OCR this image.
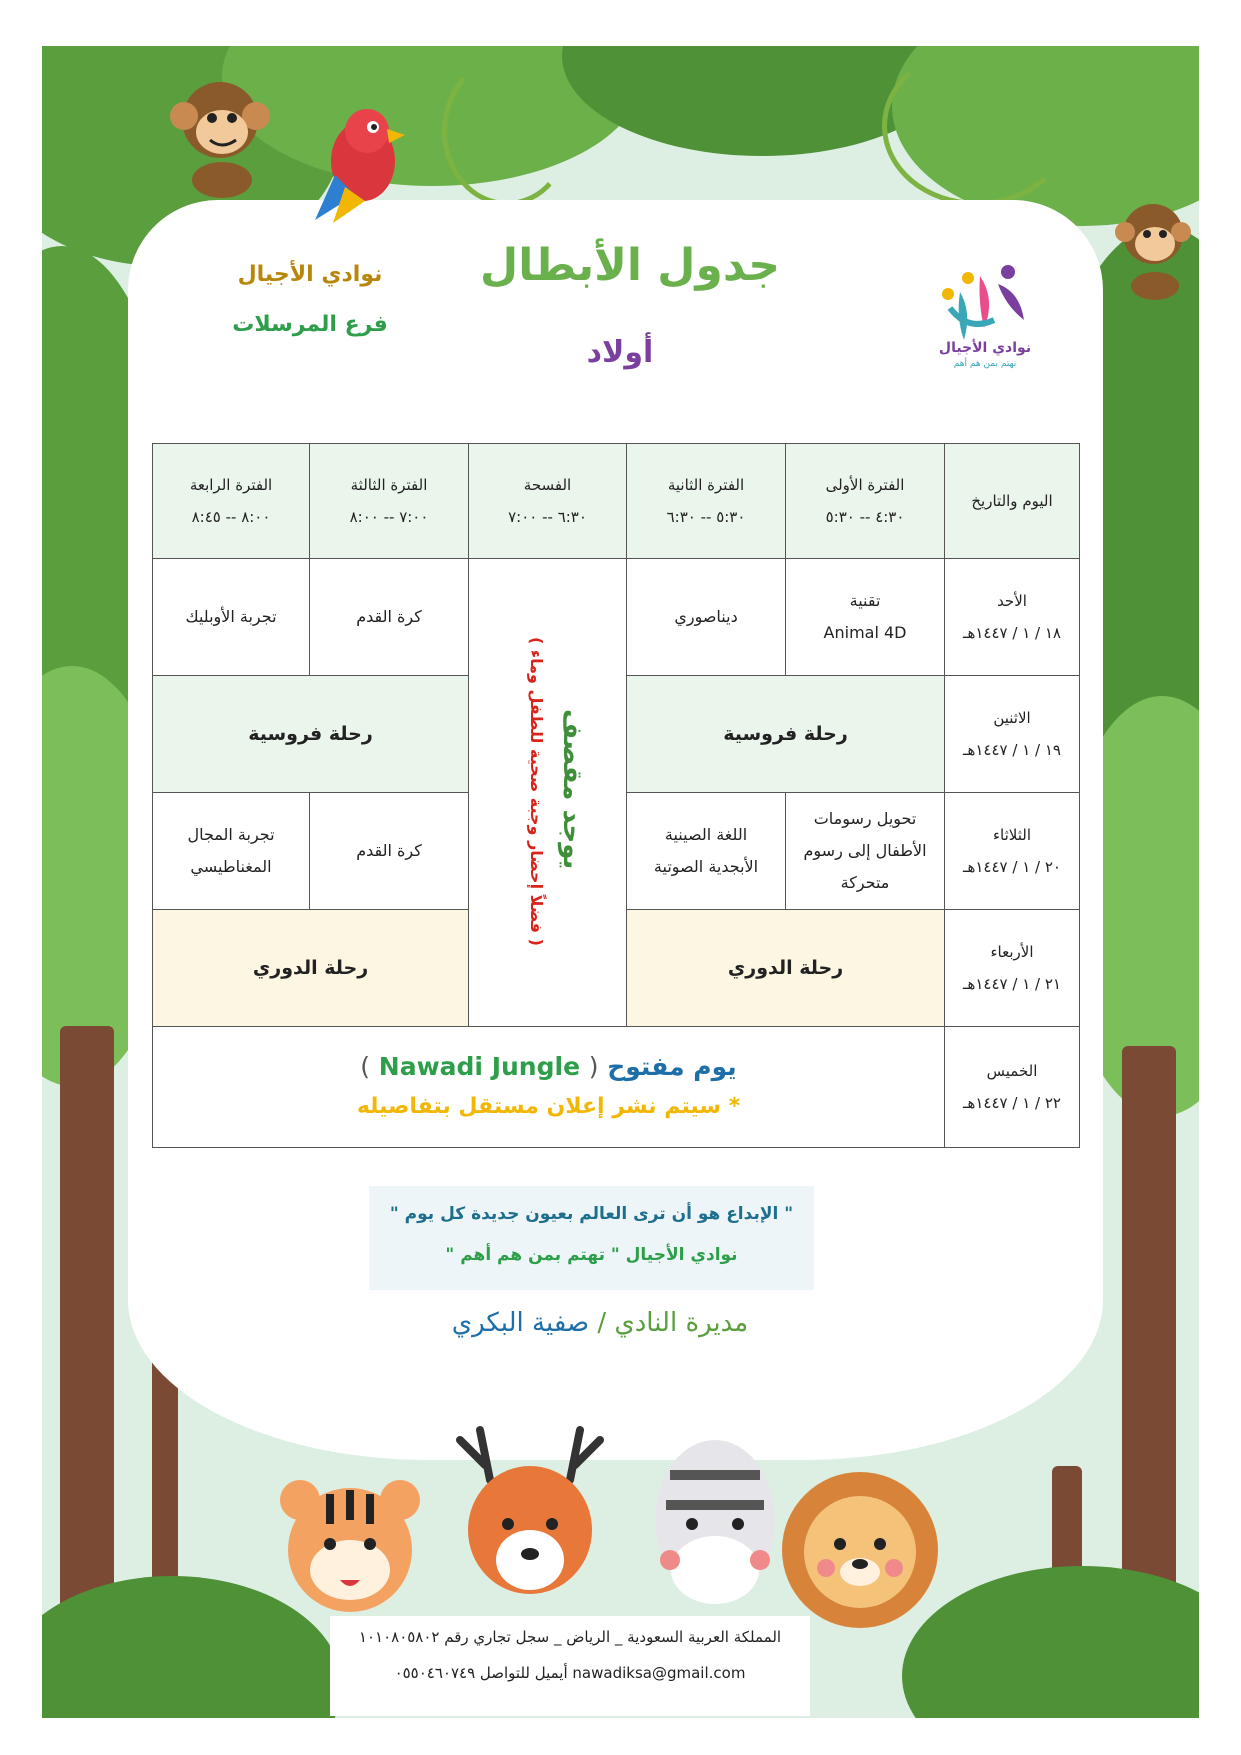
جدول الأبطال
أولاد
نوادي الأجيال
فرع المرسلات
نوادي الأجيال
نهتم بمن هم أهم
اليوم والتاريخ
الفترة الأولى
٤:٣٠ -- ٥:٣٠
الفترة الثانية
٥:٣٠ -- ٦:٣٠
الفسحة
٦:٣٠ -- ٧:٠٠
الفترة الثالثة
٧:٠٠ -- ٨:٠٠
الفترة الرابعة
٨:٠٠ -- ٨:٤٥
الأحد
١٨ / ١ / ١٤٤٧هـ
تقنية
Animal 4D
ديناصوري
كرة القدم
تجربة الأوبليك
الاثنين
١٩ / ١ / ١٤٤٧هـ
رحلة فروسية
رحلة فروسية
الثلاثاء
٢٠ / ١ / ١٤٤٧هـ
تحويل رسومات
الأطفال إلى رسوم
متحركة
اللغة الصينية
الأبجدية الصوتية
كرة القدم
تجربة المجال
المغناطيسي
الأربعاء
٢١ / ١ / ١٤٤٧هـ
رحلة الدوري
رحلة الدوري
يوجد مقصف
( فضلاً إحضار وجبة صحية للطفل وماء )
الخميس
٢٢ / ١ / ١٤٤٧هـ
يوم مفتوح ( Nawadi Jungle )
* سيتم نشر إعلان مستقل بتفاصيله
" الإبداع هو أن ترى العالم بعيون جديدة كل يوم "
نوادي الأجيال " تهتم بمن هم أهم "
مديرة النادي / صفية البكري
المملكة العربية السعودية _ الرياض _ سجل تجاري رقم ١٠١٠٨٠٥٨٠٢
nawadiksa@gmail.com أيميل للتواصل ٠٥٥٠٤٦٠٧٤٩
